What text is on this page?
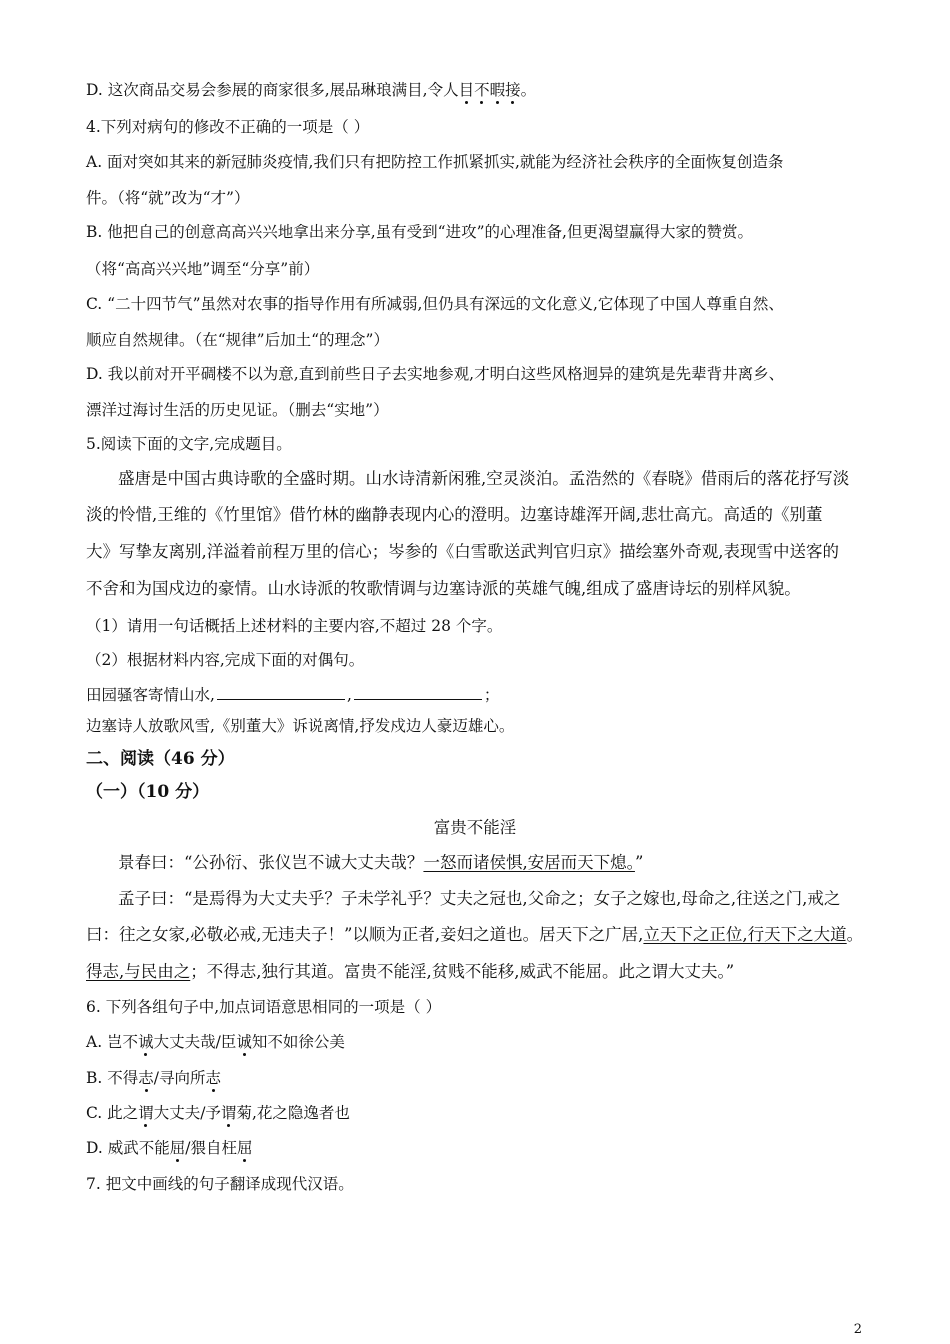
D. 这次商品交易会参展的商家很多,展品琳琅满目,令人目不暇接。
4.下列对病句的修改不正确的一项是（ ）
A. 面对突如其来的新冠肺炎疫情,我们只有把防控工作抓紧抓实,就能为经济社会秩序的全面恢复创造条
件。（将“就”改为“才”）
B. 他把自己的创意高高兴兴地拿出来分享,虽有受到“进攻”的心理准备,但更渴望赢得大家的赞赏。
（将“高高兴兴地”调至“分享”前）
C. “二十四节气”虽然对农事的指导作用有所减弱,但仍具有深远的文化意义,它体现了中国人尊重自然、
顺应自然规律。（在“规律”后加土“的理念”）
D. 我以前对开平碉楼不以为意,直到前些日子去实地参观,才明白这些风格迥异的建筑是先辈背井离乡、
漂洋过海讨生活的历史见证。（删去“实地”）
5.阅读下面的文字,完成题目。
盛唐是中国古典诗歌的全盛时期。山水诗清新闲雅,空灵淡泊。孟浩然的《春晓》借雨后的落花抒写淡
淡的怜惜,王维的《竹里馆》借竹林的幽静表现内心的澄明。边塞诗雄浑开阔,悲壮高亢。高适的《别董
大》写挚友离别,洋溢着前程万里的信心；岑参的《白雪歌送武判官归京》描绘塞外奇观,表现雪中送客的
不舍和为国戍边的豪情。山水诗派的牧歌情调与边塞诗派的英雄气魄,组成了盛唐诗坛的别样风貌。
（1）请用一句话概括上述材料的主要内容,不超过 28 个字。
（2）根据材料内容,完成下面的对偶句。
田园骚客寄情山水,	,	；
边塞诗人放歌风雪,《别董大》诉说离情,抒发戍边人豪迈雄心。
二、阅读（46 分）
（一）（10 分）
富贵不能淫
景春曰：“公孙衍、张仪岂不诚大丈夫哉？一怒而诸侯惧,安居而天下熄。”
孟子曰：“是焉得为大丈夫乎？子未学礼乎？丈夫之冠也,父命之；女子之嫁也,母命之,往送之门,戒之
曰：往之女家,必敬必戒,无违夫子！”以顺为正者,妾妇之道也。居天下之广居,立天下之正位,行天下之大道。
得志,与民由之；不得志,独行其道。富贵不能淫,贫贱不能移,威武不能屈。此之谓大丈夫。”
6. 下列各组句子中,加点词语意思相同的一项是（ ）
A. 岂不诚大丈夫哉/臣诚知不如徐公美
B. 不得志/寻向所志
C. 此之谓大丈夫/予谓菊,花之隐逸者也
D. 威武不能屈/猥自枉屈
7. 把文中画线的句子翻译成现代汉语。
2
